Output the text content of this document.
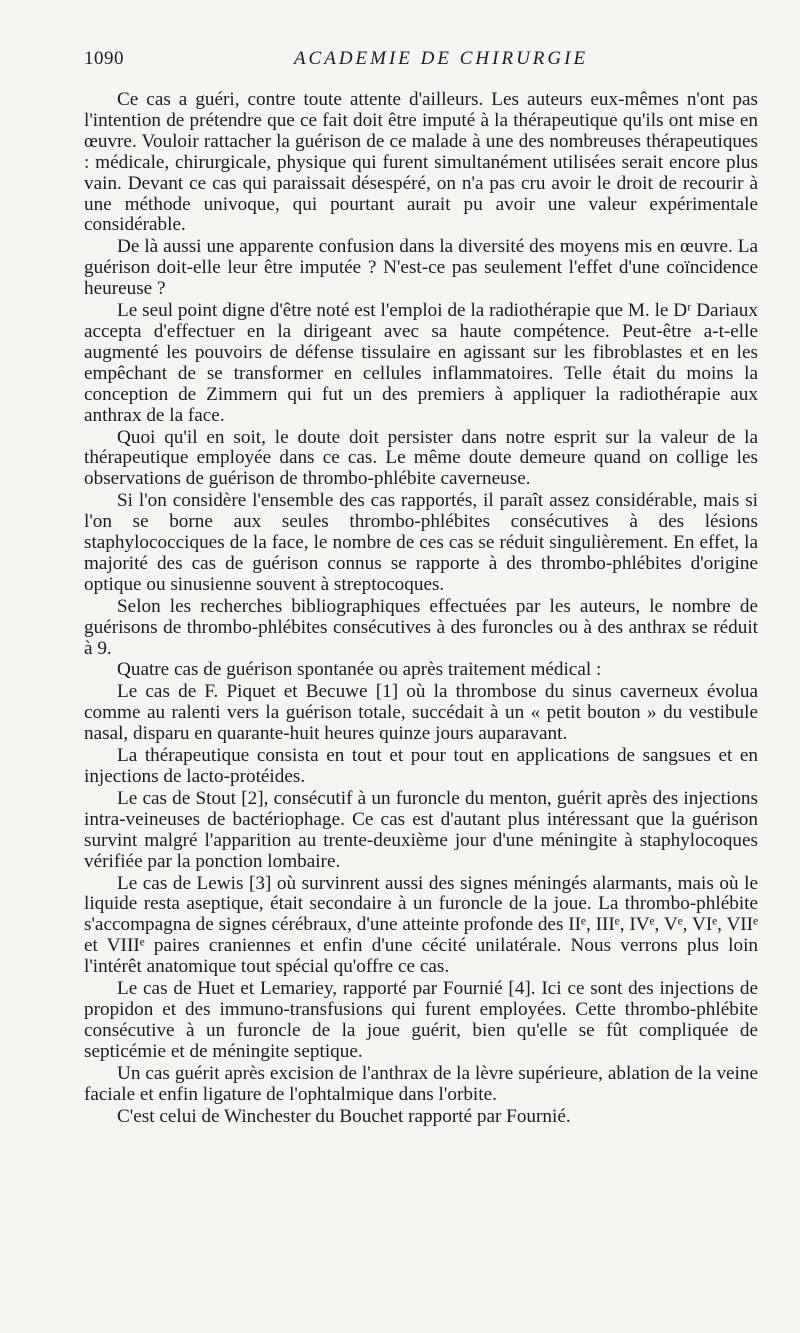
1090	ACADEMIE DE CHIRURGIE

Ce cas a guéri, contre toute attente d'ailleurs. Les auteurs eux-mêmes n'ont pas l'intention de prétendre que ce fait doit être imputé à la thérapeutique qu'ils ont mise en œuvre. Vouloir rattacher la guérison de ce malade à une des nombreuses thérapeutiques : médicale, chirurgicale, physique qui furent simultanément utilisées serait encore plus vain. Devant ce cas qui paraissait désespéré, on n'a pas cru avoir le droit de recourir à une méthode univoque, qui pourtant aurait pu avoir une valeur expérimentale considérable.

De là aussi une apparente confusion dans la diversité des moyens mis en œuvre. La guérison doit-elle leur être imputée ? N'est-ce pas seulement l'effet d'une coïncidence heureuse ?

Le seul point digne d'être noté est l'emploi de la radiothérapie que M. le Dʳ Dariaux accepta d'effectuer en la dirigeant avec sa haute compétence. Peut-être a-t-elle augmenté les pouvoirs de défense tissulaire en agissant sur les fibroblastes et en les empêchant de se transformer en cellules inflammatoires. Telle était du moins la conception de Zimmern qui fut un des premiers à appliquer la radiothérapie aux anthrax de la face.

Quoi qu'il en soit, le doute doit persister dans notre esprit sur la valeur de la thérapeutique employée dans ce cas. Le même doute demeure quand on collige les observations de guérison de thrombo-phlébite caverneuse.

Si l'on considère l'ensemble des cas rapportés, il paraît assez considérable, mais si l'on se borne aux seules thrombo-phlébites consécutives à des lésions staphylococciques de la face, le nombre de ces cas se réduit singulièrement. En effet, la majorité des cas de guérison connus se rapporte à des thrombo-phlébites d'origine optique ou sinusienne souvent à streptocoques.

Selon les recherches bibliographiques effectuées par les auteurs, le nombre de guérisons de thrombo-phlébites consécutives à des furoncles ou à des anthrax se réduit à 9.

Quatre cas de guérison spontanée ou après traitement médical :

Le cas de F. Piquet et Becuwe [1] où la thrombose du sinus caverneux évolua comme au ralenti vers la guérison totale, succédait à un « petit bouton » du vestibule nasal, disparu en quarante-huit heures quinze jours auparavant.

La thérapeutique consista en tout et pour tout en applications de sangsues et en injections de lacto-protéides.

Le cas de Stout [2], consécutif à un furoncle du menton, guérit après des injections intra-veineuses de bactériophage. Ce cas est d'autant plus intéressant que la guérison survint malgré l'apparition au trente-deuxième jour d'une méningite à staphylocoques vérifiée par la ponction lombaire.

Le cas de Lewis [3] où survinrent aussi des signes méningés alarmants, mais où le liquide resta aseptique, était secondaire à un furoncle de la joue. La thrombo-phlébite s'accompagna de signes cérébraux, d'une atteinte profonde des IIᵉ, IIIᵉ, IVᵉ, Vᵉ, VIᵉ, VIIᵉ et VIIIᵉ paires craniennes et enfin d'une cécité unilatérale. Nous verrons plus loin l'intérêt anatomique tout spécial qu'offre ce cas.

Le cas de Huet et Lemariey, rapporté par Fournié [4]. Ici ce sont des injections de propidon et des immuno-transfusions qui furent employées. Cette thrombo-phlébite consécutive à un furoncle de la joue guérit, bien qu'elle se fût compliquée de septicémie et de méningite septique.

Un cas guérit après excision de l'anthrax de la lèvre supérieure, ablation de la veine faciale et enfin ligature de l'ophtalmique dans l'orbite.

C'est celui de Winchester du Bouchet rapporté par Fournié.
